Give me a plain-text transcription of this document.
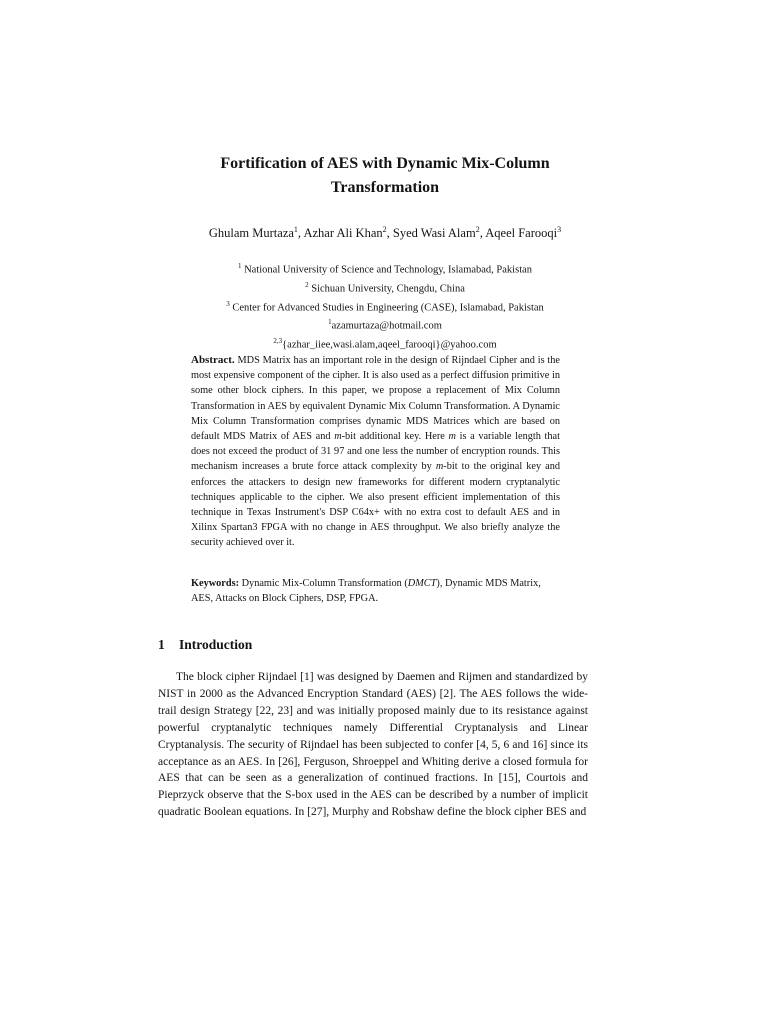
Fortification of AES with Dynamic Mix-Column
Transformation
Ghulam Murtaza$^1$, Azhar Ali Khan$^2$, Syed Wasi Alam$^2$, Aqeel Farooqi$^3$
$^1$ National University of Science and Technology, Islamabad, Pakistan
$^2$ Sichuan University, Chengdu, China
$^3$ Center for Advanced Studies in Engineering (CASE), Islamabad, Pakistan
$^1$azamurtaza@hotmail.com
$^{2,3}${azhar_iiee,wasi.alam,aqeel_farooqi}@yahoo.com
Abstract. MDS Matrix has an important role in the design of Rijndael Cipher and is the most expensive component of the cipher. It is also used as a perfect diffusion primitive in some other block ciphers. In this paper, we propose a replacement of Mix Column Transformation in AES by equivalent Dynamic Mix Column Transformation. A Dynamic Mix Column Transformation comprises dynamic MDS Matrices which are based on default MDS Matrix of AES and m-bit additional key. Here m is a variable length that does not exceed the product of 31 97 and one less the number of encryption rounds. This mechanism increases a brute force attack complexity by m-bit to the original key and enforces the attackers to design new frameworks for different modern cryptanalytic techniques applicable to the cipher. We also present efficient implementation of this technique in Texas Instrument's DSP C64x+ with no extra cost to default AES and in Xilinx Spartan3 FPGA with no change in AES throughput. We also briefly analyze the security achieved over it.
Keywords: Dynamic Mix-Column Transformation (DMCT), Dynamic MDS Matrix, AES, Attacks on Block Ciphers, DSP, FPGA.
1 Introduction

The block cipher Rijndael [1] was designed by Daemen and Rijmen and standardized by NIST in 2000 as the Advanced Encryption Standard (AES) [2]. The AES follows the wide-trail design Strategy [22, 23] and was initially proposed mainly due to its resistance against powerful cryptanalytic techniques namely Differential Cryptanalysis and Linear Cryptanalysis. The security of Rijndael has been subjected to confer [4, 5, 6 and 16] since its acceptance as an AES. In [26], Ferguson, Shroeppel and Whiting derive a closed formula for AES that can be seen as a generalization of continued fractions. In [15], Courtois and Pieprzyck observe that the S-box used in the AES can be described by a number of implicit quadratic Boolean equations. In [27], Murphy and Robshaw define the block cipher BES and
